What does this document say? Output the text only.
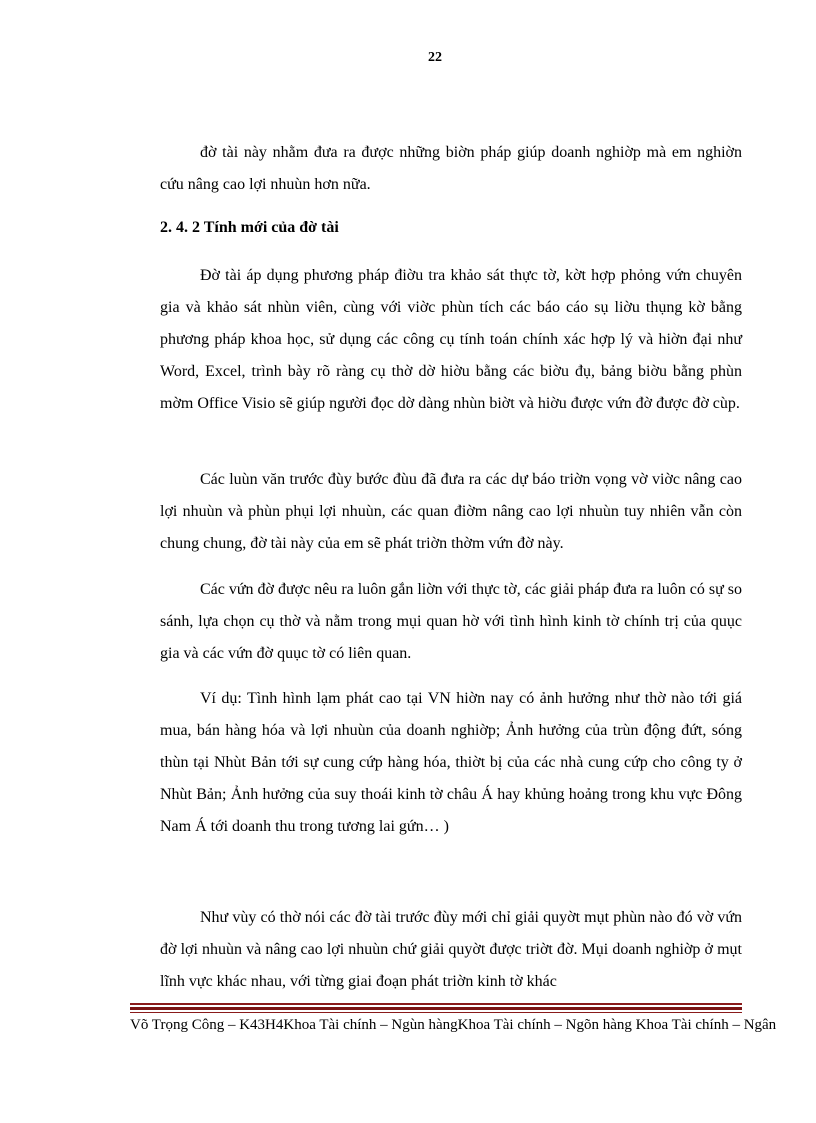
22

đờ tài này nhằm đưa ra được những biờn pháp giúp doanh nghiờp mà em nghiờn cứu nâng cao lợi nhuùn hơn nữa.

2. 4. 2 Tính mới của đờ tài

Đờ tài áp dụng phương pháp điờu tra khảo sát thực tờ, kờt hợp phỏng vứn chuyên gia và khảo sát nhùn viên, cùng với viờc phùn tích các báo cáo sụ liờu thụng kờ bằng phương pháp khoa học, sử dụng các công cụ tính toán chính xác hợp lý và hiờn đại như Word, Excel, trình bày rõ ràng cụ thờ dờ hiờu bằng các biờu đụ, bảng biờu bằng phùn mờm Office Visio sẽ giúp người đọc dờ dàng nhùn biờt và hiờu được vứn đờ được đờ cùp.

Các luùn văn trước đùy bước đùu đã đưa ra các dự báo triờn vọng vờ viờc nâng cao lợi nhuùn và phùn phụi lợi nhuùn, các quan điờm nâng cao lợi nhuùn tuy nhiên vẫn còn chung chung, đờ tài này của em sẽ phát triờn thờm vứn đờ này.

Các vứn đờ được nêu ra luôn gắn liờn với thực tờ, các giải pháp đưa ra luôn có sự so sánh, lựa chọn cụ thờ và nằm trong mụi quan hờ với tình hình kinh tờ chính trị của quục gia và các vứn đờ quục tờ có liên quan.

Ví dụ: Tình hình lạm phát cao tại VN hiờn nay có ảnh hưởng như thờ nào tới giá mua, bán hàng hóa và lợi nhuùn của doanh nghiờp; Ảnh hưởng của trùn động đứt, sóng thùn tại Nhùt Bản tới sự cung cứp hàng hóa, thiờt bị của các nhà cung cứp cho công ty ở Nhùt Bản; Ảnh hưởng của suy thoái kinh tờ châu Á hay khủng hoảng trong khu vực Đông Nam Á tới doanh thu trong tương lai gứn… )

Như vùy có thờ nói các đờ tài trước đùy mới chỉ giải quyờt mụt phùn nào đó vờ vứn đờ lợi nhuùn và nâng cao lợi nhuùn chứ giải quyờt được triờt đờ. Mụi doanh nghiờp ở mụt lĩnh vực khác nhau, với từng giai đoạn phát triờn kinh tờ khác

Võ Trọng Công – K43H4Khoa Tài chính – Ngùn hàngKhoa Tài chính – Ngõn hàng Khoa Tài chính – Ngân
